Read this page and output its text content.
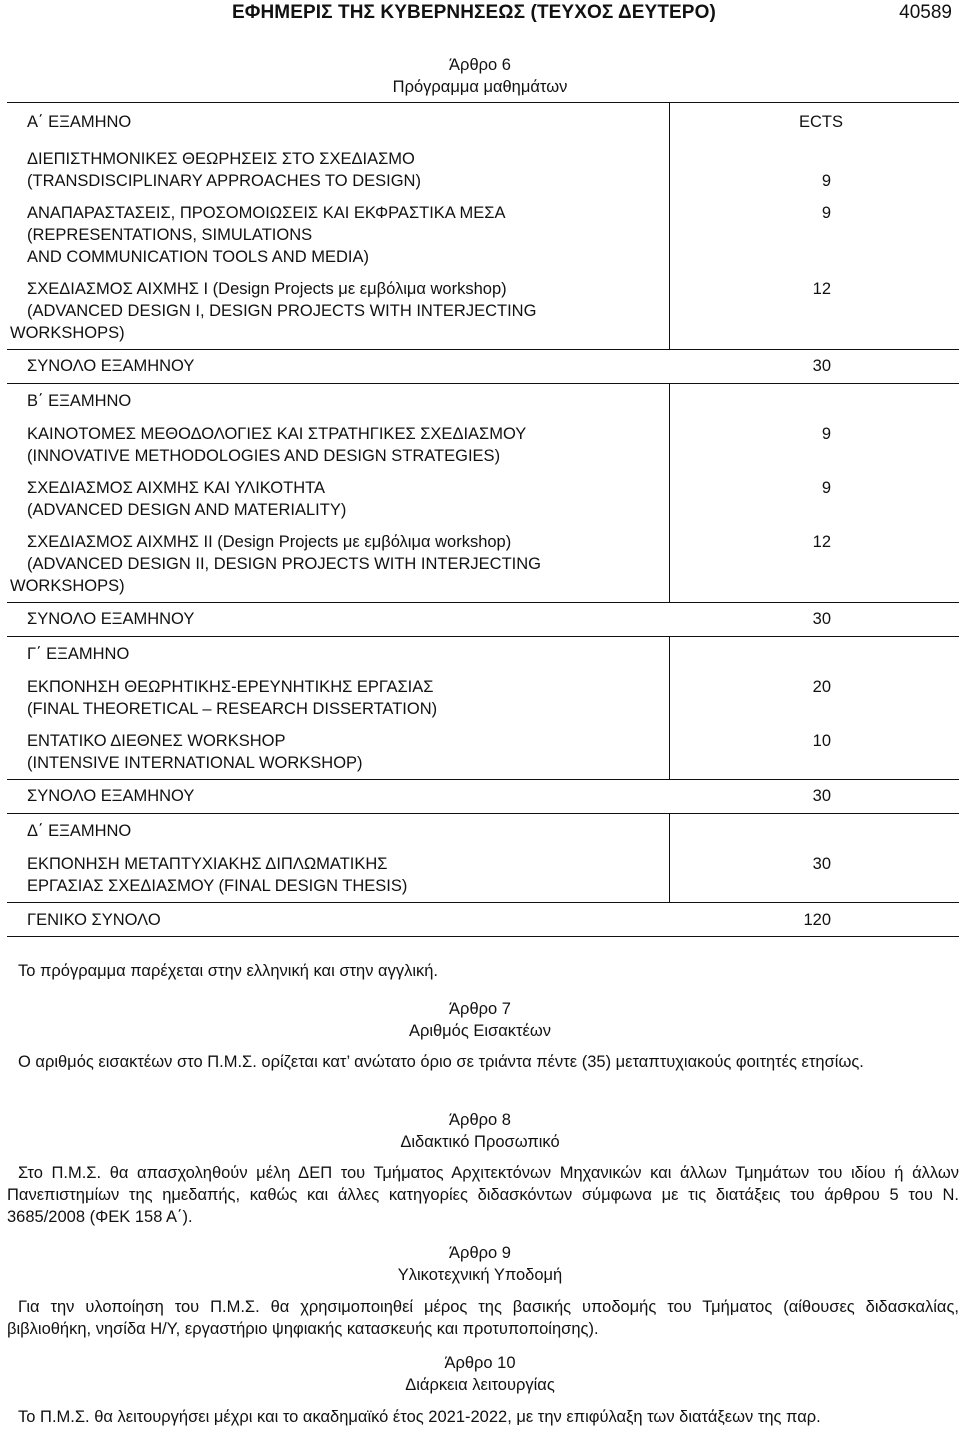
ΕΦΗΜΕΡΙΣ ΤΗΣ ΚΥΒΕΡΝΗΣΕΩΣ (ΤΕΥΧΟΣ ΔΕΥΤΕΡΟ)	40589
Άρθρο 6
Πρόγραμμα μαθημάτων
Α΄ ΕΞΑΜΗΝΟ	ECTS

ΔΙΕΠΙΣΤΗΜΟΝΙΚΕΣ ΘΕΩΡΗΣΕΙΣ ΣΤΟ ΣΧΕΔΙΑΣΜΟ
(TRANSDISCIPLINARY APPROACHES TO DESIGN)	9

ΑΝΑΠΑΡΑΣΤΑΣΕΙΣ, ΠΡΟΣΟΜΟΙΩΣΕΙΣ ΚΑΙ ΕΚΦΡΑΣΤΙΚΑ ΜΕΣΑ
(REPRESENTATIONS, SIMULATIONS
AND COMMUNICATION TOOLS AND MEDIA)	9

ΣΧΕΔΙΑΣΜΟΣ ΑΙΧΜΗΣ Ι (Design Projects με εμβόλιμα workshop)
(ADVANCED DESIGN I, DESIGN PROJECTS WITH INTERJECTING
WORKSHOPS)	12
ΣΥΝΟΛΟ ΕΞΑΜΗΝΟΥ	30
Β΄ ΕΞΑΜΗΝΟ	

ΚΑΙΝΟΤΟΜΕΣ ΜΕΘΟΔΟΛΟΓΙΕΣ ΚΑΙ ΣΤΡΑΤΗΓΙΚΕΣ ΣΧΕΔΙΑΣΜΟΥ
(INNOVATIVE METHODOLOGIES AND DESIGN STRATEGIES)	9

ΣΧΕΔΙΑΣΜΟΣ ΑΙΧΜΗΣ ΚΑΙ ΥΛΙΚΟΤΗΤΑ
(ADVANCED DESIGN AND MATERIALITY)	9

ΣΧΕΔΙΑΣΜΟΣ ΑΙΧΜΗΣ ΙΙ (Design Projects με εμβόλιμα workshop)
(ADVANCED DESIGN II, DESIGN PROJECTS WITH INTERJECTING
WORKSHOPS)	12
ΣΥΝΟΛΟ ΕΞΑΜΗΝΟΥ	30
Γ΄ ΕΞΑΜΗΝΟ	

ΕΚΠΟΝΗΣΗ ΘΕΩΡΗΤΙΚΗΣ-ΕΡΕΥΝΗΤΙΚΗΣ ΕΡΓΑΣΙΑΣ
(FINAL THEORETICAL – RESEARCH DISSERTATION)	20

ΕΝΤΑΤΙΚΟ ΔΙΕΘΝΕΣ WORKSHOP
(INTENSIVE INTERNATIONAL WORKSHOP)	10
ΣΥΝΟΛΟ ΕΞΑΜΗΝΟΥ	30
Δ΄ ΕΞΑΜΗΝΟ	

ΕΚΠΟΝΗΣΗ ΜΕΤΑΠΤΥΧΙΑΚΗΣ ΔΙΠΛΩΜΑΤΙΚΗΣ
ΕΡΓΑΣΙΑΣ ΣΧΕΔΙΑΣΜΟΥ (FINAL DESIGN THESIS)	30
ΓΕΝΙΚΟ ΣΥΝΟΛΟ	120
Το πρόγραμμα παρέχεται στην ελληνική και στην αγγλική.
Άρθρο 7
Αριθμός Εισακτέων
Ο αριθμός εισακτέων στο Π.Μ.Σ. ορίζεται κατ’ ανώτατο όριο σε τριάντα πέντε (35) μεταπτυχιακούς φοιτητές ετησίως.
Άρθρο 8
Διδακτικό Προσωπικό
Στο Π.Μ.Σ. θα απασχοληθούν μέλη ΔΕΠ του Τμήματος Αρχιτεκτόνων Μηχανικών και άλλων Τμημάτων του ιδίου ή άλλων Πανεπιστημίων της ημεδαπής, καθώς και άλλες κατηγορίες διδασκόντων σύμφωνα με τις διατάξεις του άρθρου 5 του Ν. 3685/2008 (ΦΕΚ 158 Α΄).
Άρθρο 9
Υλικοτεχνική Υποδομή
Για την υλοποίηση του Π.Μ.Σ. θα χρησιμοποιηθεί μέρος της βασικής υποδομής του Τμήματος (αίθουσες διδασκαλίας, βιβλιοθήκη, νησίδα Η/Υ, εργαστήριο ψηφιακής κατασκευής και προτυποποίησης).
Άρθρο 10
Διάρκεια λειτουργίας
Το Π.Μ.Σ. θα λειτουργήσει μέχρι και το ακαδημαϊκό έτος 2021-2022, με την επιφύλαξη των διατάξεων της παρ.
